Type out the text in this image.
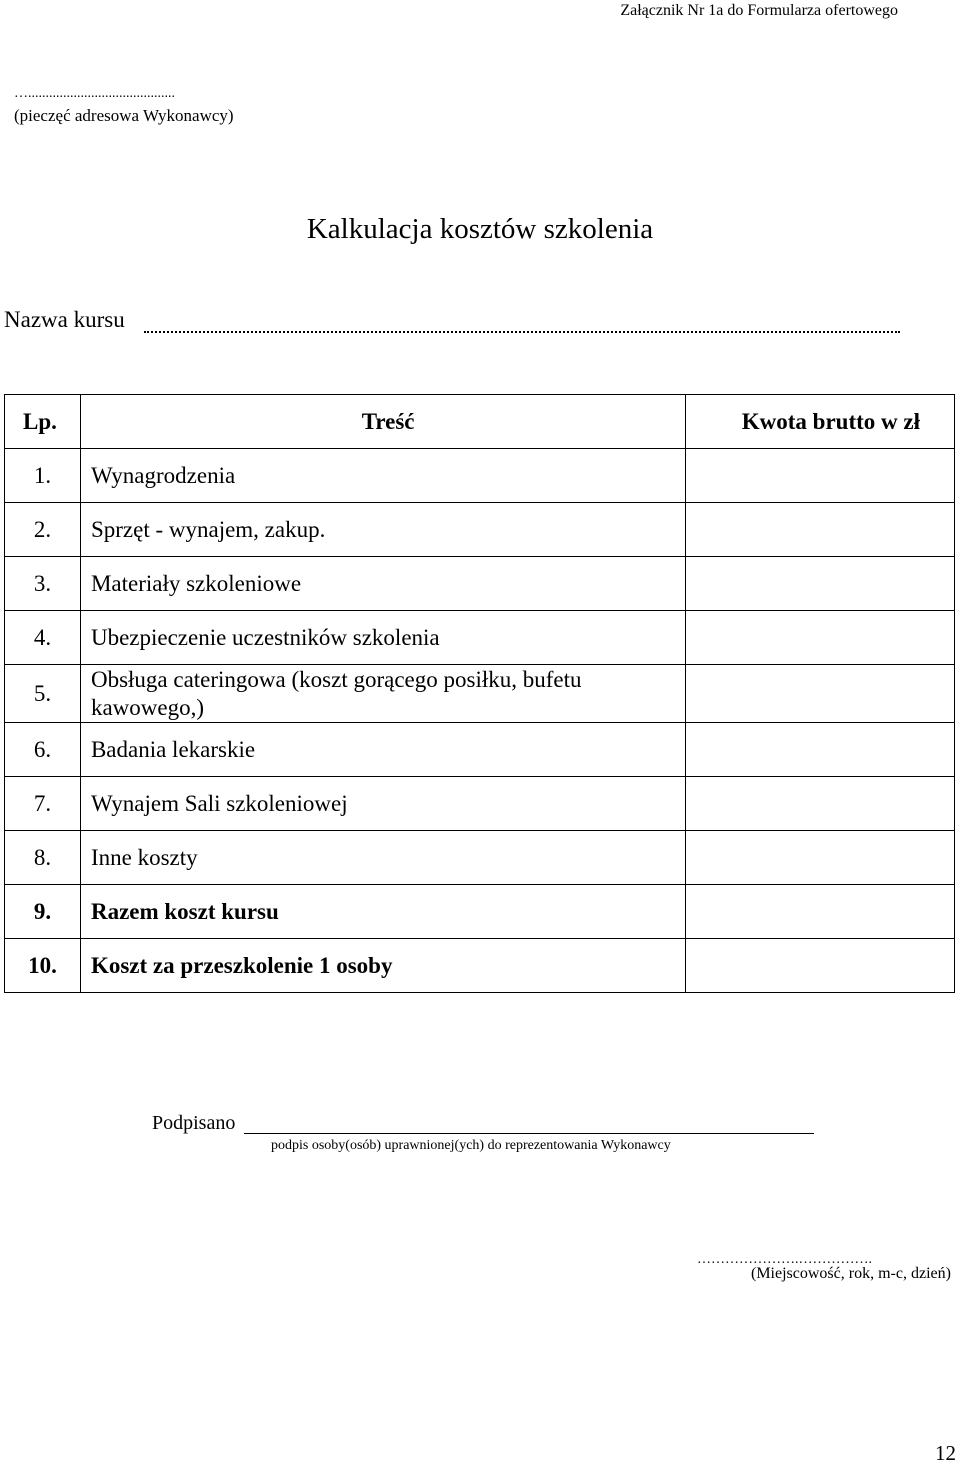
Załącznik Nr 1a do Formularza ofertowego
…..........................................
(pieczęć adresowa Wykonawcy)
Kalkulacja kosztów szkolenia
Nazwa kursu
Lp.	Treść	Kwota brutto w zł
1.	Wynagrodzenia	
2.	Sprzęt - wynajem, zakup.	
3.	Materiały szkoleniowe	
4.	Ubezpieczenie uczestników szkolenia	
5.	Obsługa cateringowa (koszt gorącego posiłku, bufetu kawowego,)	
6.	Badania lekarskie	
7.	Wynajem Sali szkoleniowej	
8.	Inne koszty	
9.	Razem koszt kursu	
10.	Koszt za przeszkolenie 1 osoby	
Podpisano
podpis osoby(osób) uprawnionej(ych) do reprezentowania Wykonawcy
………………….…………….
(Miejscowość, rok, m-c, dzień)
12
